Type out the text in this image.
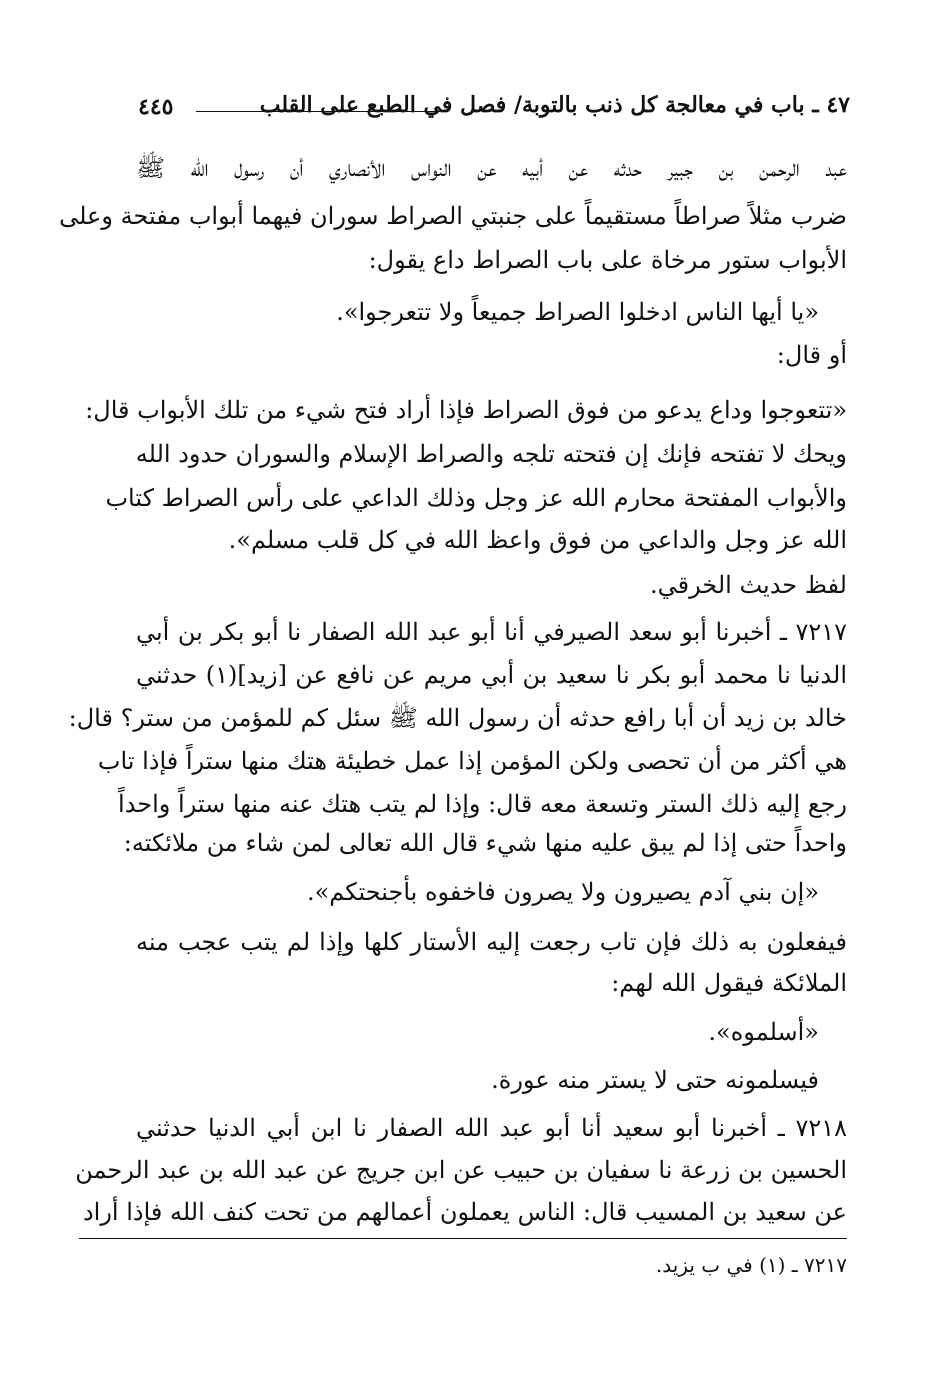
٤٧ ـ باب في معالجة كل ذنب بالتوبة/ فصل في الطبع على القلب
٤٤٥
عبد الرحمن بن جبير حدثه عن أبيه عن النواس الأنصاري أن رسول الله ﷺ
ضرب مثلاً صراطاً مستقيماً على جنبتي الصراط سوران فيهما أبواب مفتحة وعلى
الأبواب ستور مرخاة على باب الصراط داع يقول:
«يا أيها الناس ادخلوا الصراط جميعاً ولا تتعرجوا».
أو قال:
«تتعوجوا وداع يدعو من فوق الصراط فإذا أراد فتح شيء من تلك الأبواب قال:
ويحك لا تفتحه فإنك إن فتحته تلجه والصراط الإسلام والسوران حدود الله
والأبواب المفتحة محارم الله عز وجل وذلك الداعي على رأس الصراط كتاب
الله عز وجل والداعي من فوق واعظ الله في كل قلب مسلم».
لفظ حديث الخرقي.
٧٢١٧ ـ أخبرنا أبو سعد الصيرفي أنا أبو عبد الله الصفار نا أبو بكر بن أبي
الدنيا نا محمد أبو بكر نا سعيد بن أبي مريم عن نافع عن [زيد](١) حدثني
خالد بن زيد أن أبا رافع حدثه أن رسول الله ﷺ سئل كم للمؤمن من ستر؟ قال:
هي أكثر من أن تحصى ولكن المؤمن إذا عمل خطيئة هتك منها ستراً فإذا تاب
رجع إليه ذلك الستر وتسعة معه قال: وإذا لم يتب هتك عنه منها ستراً واحداً
واحداً حتى إذا لم يبق عليه منها شيء قال الله تعالى لمن شاء من ملائكته:
«إن بني آدم يصيرون ولا يصرون فاخفوه بأجنحتكم».
فيفعلون به ذلك فإن تاب رجعت إليه الأستار كلها وإذا لم يتب عجب منه
الملائكة فيقول الله لهم:
«أسلموه».
فيسلمونه حتى لا يستر منه عورة.
٧٢١٨ ـ أخبرنا أبو سعيد أنا أبو عبد الله الصفار نا ابن أبي الدنيا حدثني
الحسين بن زرعة نا سفيان بن حبيب عن ابن جريج عن عبد الله بن عبد الرحمن
عن سعيد بن المسيب قال: الناس يعملون أعمالهم من تحت كنف الله فإذا أراد
٧٢١٧ ـ (١) في ب يزيد.
